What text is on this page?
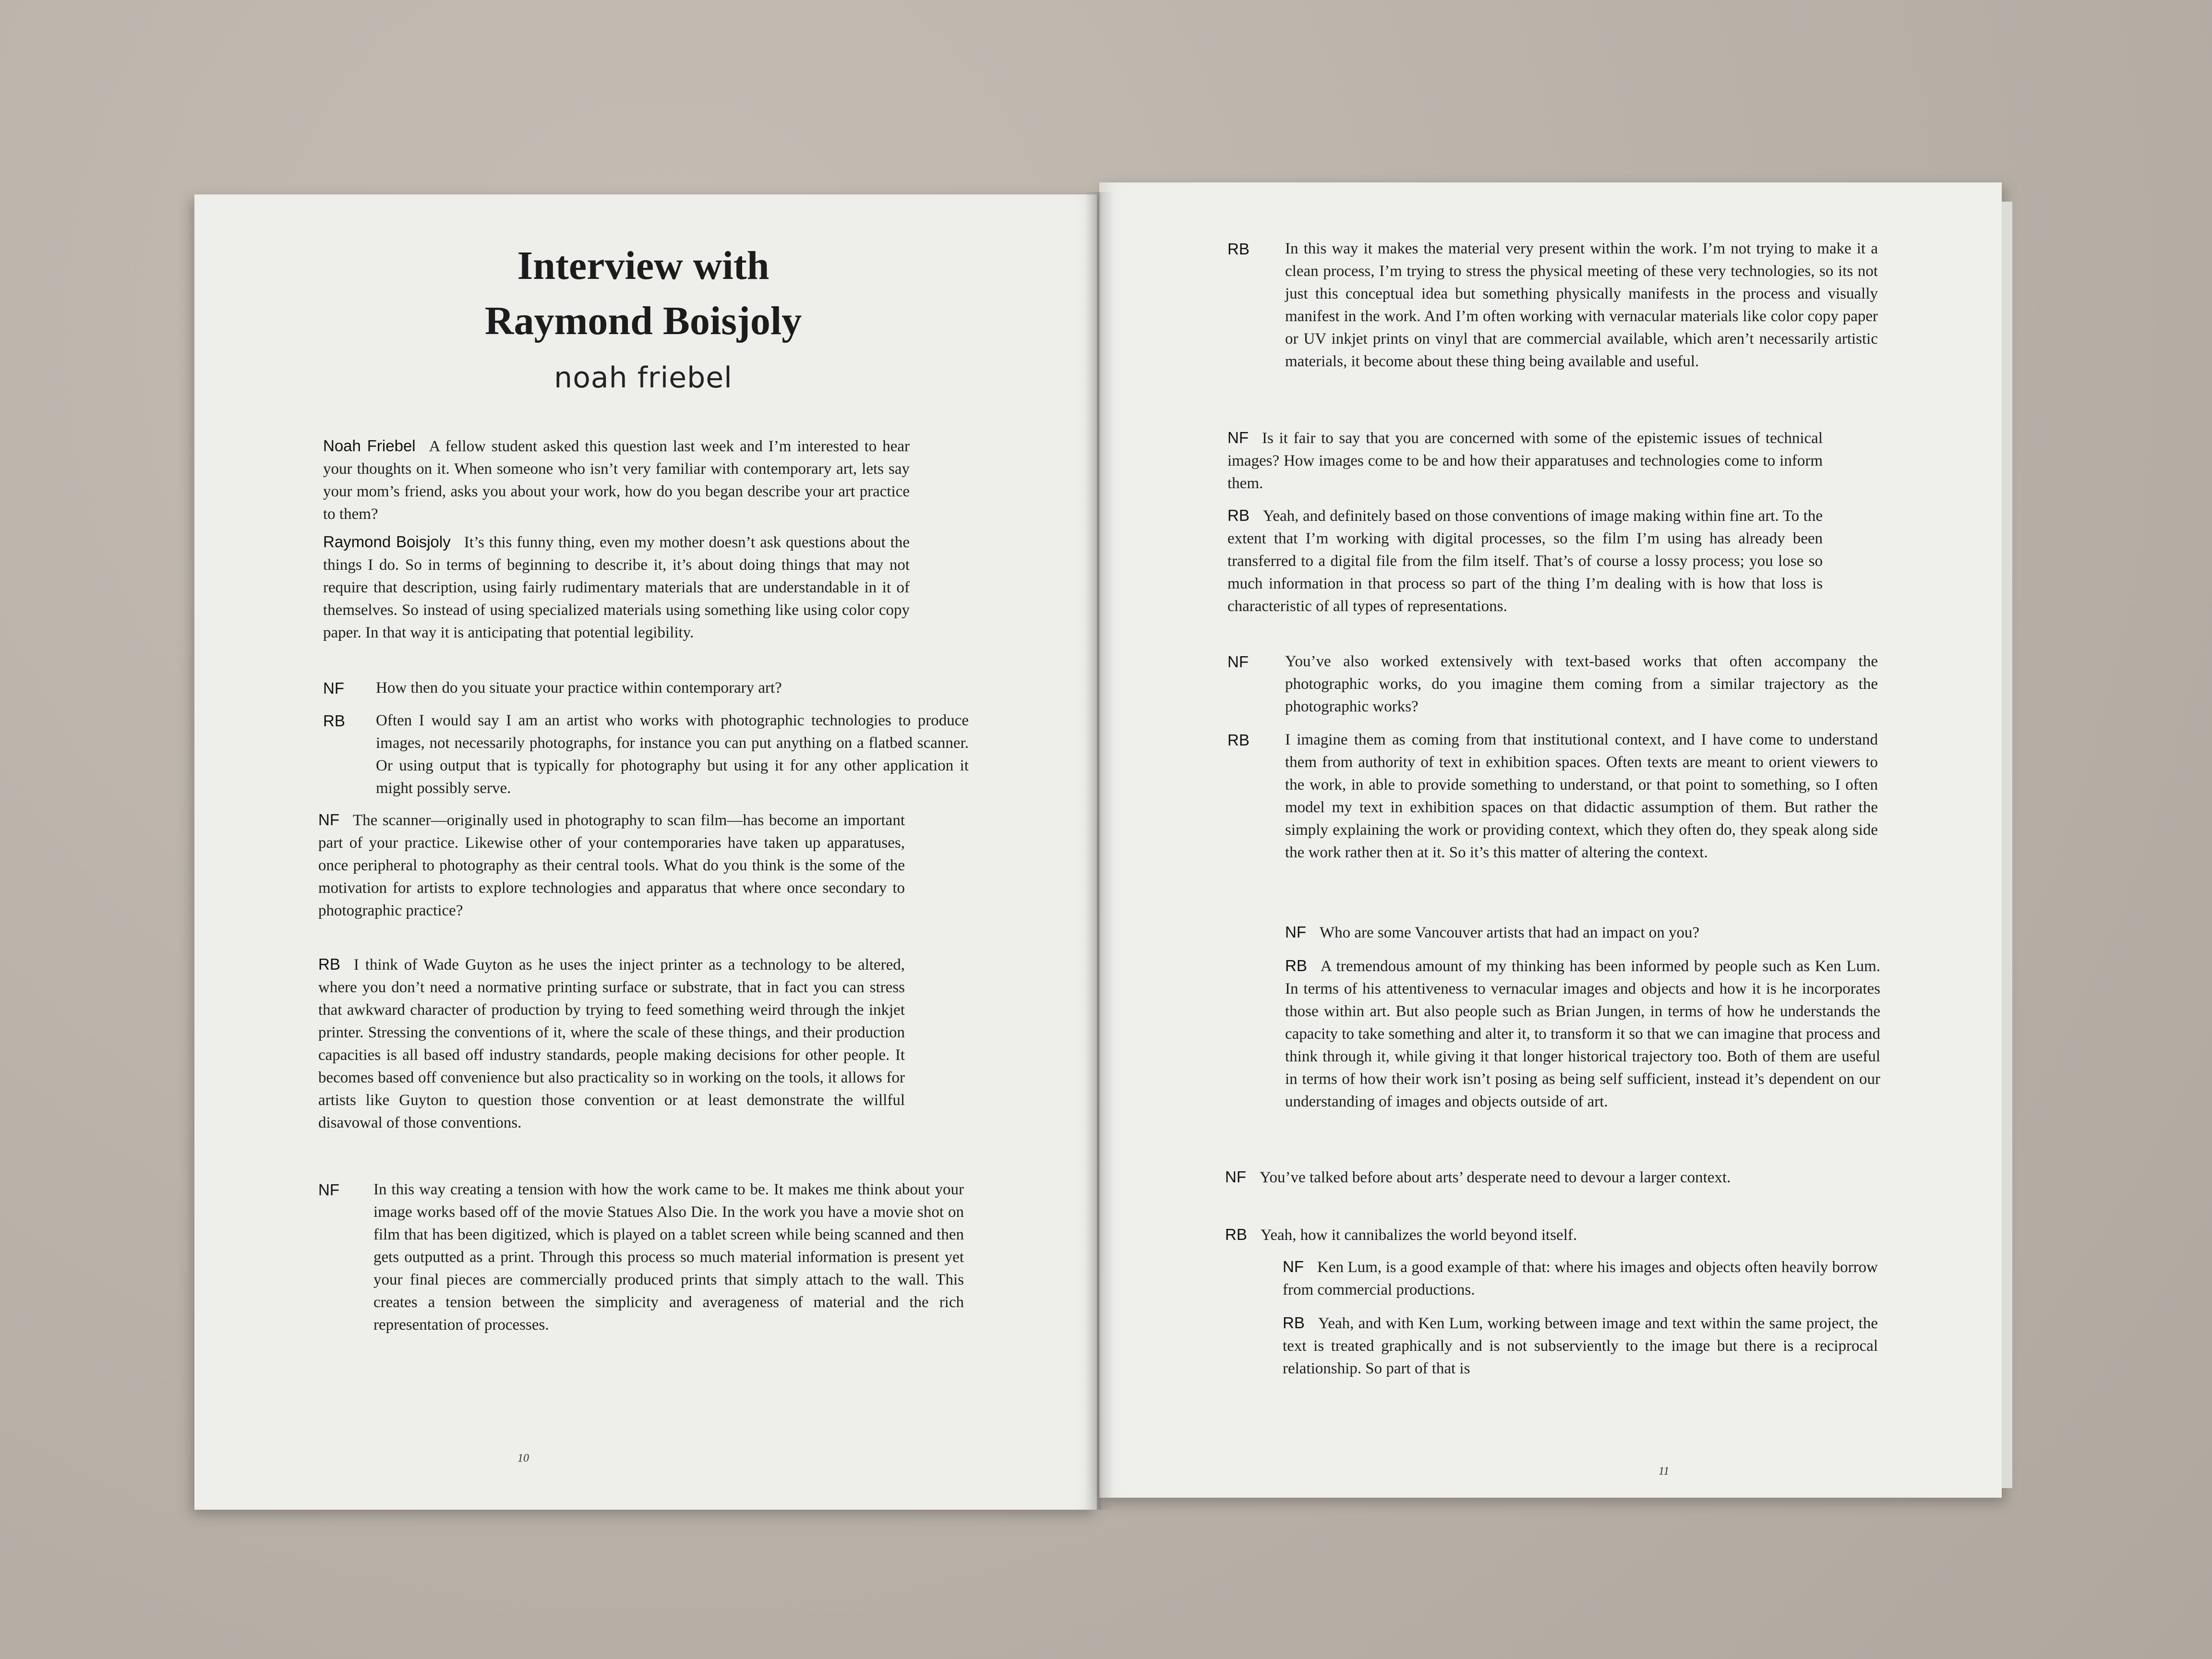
Interview with
Raymond Boisjoly
noah friebel
Noah Friebel A fellow student asked this question last week and I’m interested to hear your thoughts on it. When someone who isn’t very familiar with contemporary art, lets say your mom’s friend, asks you about your work, how do you began describe your art practice to them?
Raymond Boisjoly It’s this funny thing, even my mother doesn’t ask questions about the things I do. So in terms of beginning to describe it, it’s about doing things that may not require that description, using fairly rudimentary materials that are understandable in it of themselves. So instead of using specialized materials using something like using color copy paper. In that way it is anticipating that potential legibility.
NF	How then do you situate your practice within contemporary art?
RB	Often I would say I am an artist who works with photographic technologies to produce images, not necessarily photographs, for instance you can put anything on a flatbed scanner. Or using output that is typically for photography but using it for any other application it might possibly serve.
NF The scanner—originally used in photography to scan film—has become an important part of your practice. Likewise other of your contemporaries have taken up apparatuses, once peripheral to photography as their central tools. What do you think is the some of the motivation for artists to explore technologies and apparatus that where once secondary to photographic practice?
RB I think of Wade Guyton as he uses the inject printer as a technology to be altered, where you don’t need a normative printing surface or substrate, that in fact you can stress that awkward character of production by trying to feed something weird through the inkjet printer. Stressing the conventions of it, where the scale of these things, and their production capacities is all based off industry standards, people making decisions for other people. It becomes based off convenience but also practicality so in working on the tools, it allows for artists like Guyton to question those convention or at least demonstrate the willful disavowal of those conventions.
NF	In this way creating a tension with how the work came to be. It makes me think about your image works based off of the movie Statues Also Die. In the work you have a movie shot on film that has been digitized, which is played on a tablet screen while being scanned and then gets outputted as a print. Through this process so much material information is present yet your final pieces are commercially produced prints that simply attach to the wall. This creates a tension between the simplicity and averageness of material and the rich representation of processes.
10
RB	In this way it makes the material very present within the work. I’m not trying to make it a clean process, I’m trying to stress the physical meeting of these very technologies, so its not just this conceptual idea but something physically manifests in the process and visually manifest in the work. And I’m often working with vernacular materials like color copy paper or UV inkjet prints on vinyl that are commercial available, which aren’t necessarily artistic materials, it become about these thing being available and useful.
NF Is it fair to say that you are concerned with some of the epistemic issues of technical images? How images come to be and how their apparatuses and technologies come to inform them.
RB Yeah, and definitely based on those conventions of image making within fine art. To the extent that I’m working with digital processes, so the film I’m using has already been transferred to a digital file from the film itself. That’s of course a lossy process; you lose so much information in that process so part of the thing I’m dealing with is how that loss is characteristic of all types of representations.
NF	You’ve also worked extensively with text-based works that often accompany the photographic works, do you imagine them coming from a similar trajectory as the photographic works?
RB	I imagine them as coming from that institutional context, and I have come to understand them from authority of text in exhibition spaces. Often texts are meant to orient viewers to the work, in able to provide something to understand, or that point to something, so I often model my text in exhibition spaces on that didactic assumption of them. But rather the simply explaining the work or providing context, which they often do, they speak along side the work rather then at it. So it’s this matter of altering the context.
NF Who are some Vancouver artists that had an impact on you?
RB A tremendous amount of my thinking has been informed by people such as Ken Lum. In terms of his attentiveness to vernacular images and objects and how it is he incorporates those within art. But also people such as Brian Jungen, in terms of how he understands the capacity to take something and alter it, to transform it so that we can imagine that process and think through it, while giving it that longer historical trajectory too. Both of them are useful in terms of how their work isn’t posing as being self sufficient, instead it’s dependent on our understanding of images and objects outside of art.
NF You’ve talked before about arts’ desperate need to devour a larger context.
RB Yeah, how it cannibalizes the world beyond itself.
NF Ken Lum, is a good example of that: where his images and objects often heavily borrow from commercial productions.
RB Yeah, and with Ken Lum, working between image and text within the same project, the text is treated graphically and is not subserviently to the image but there is a reciprocal relationship. So part of that is
11
